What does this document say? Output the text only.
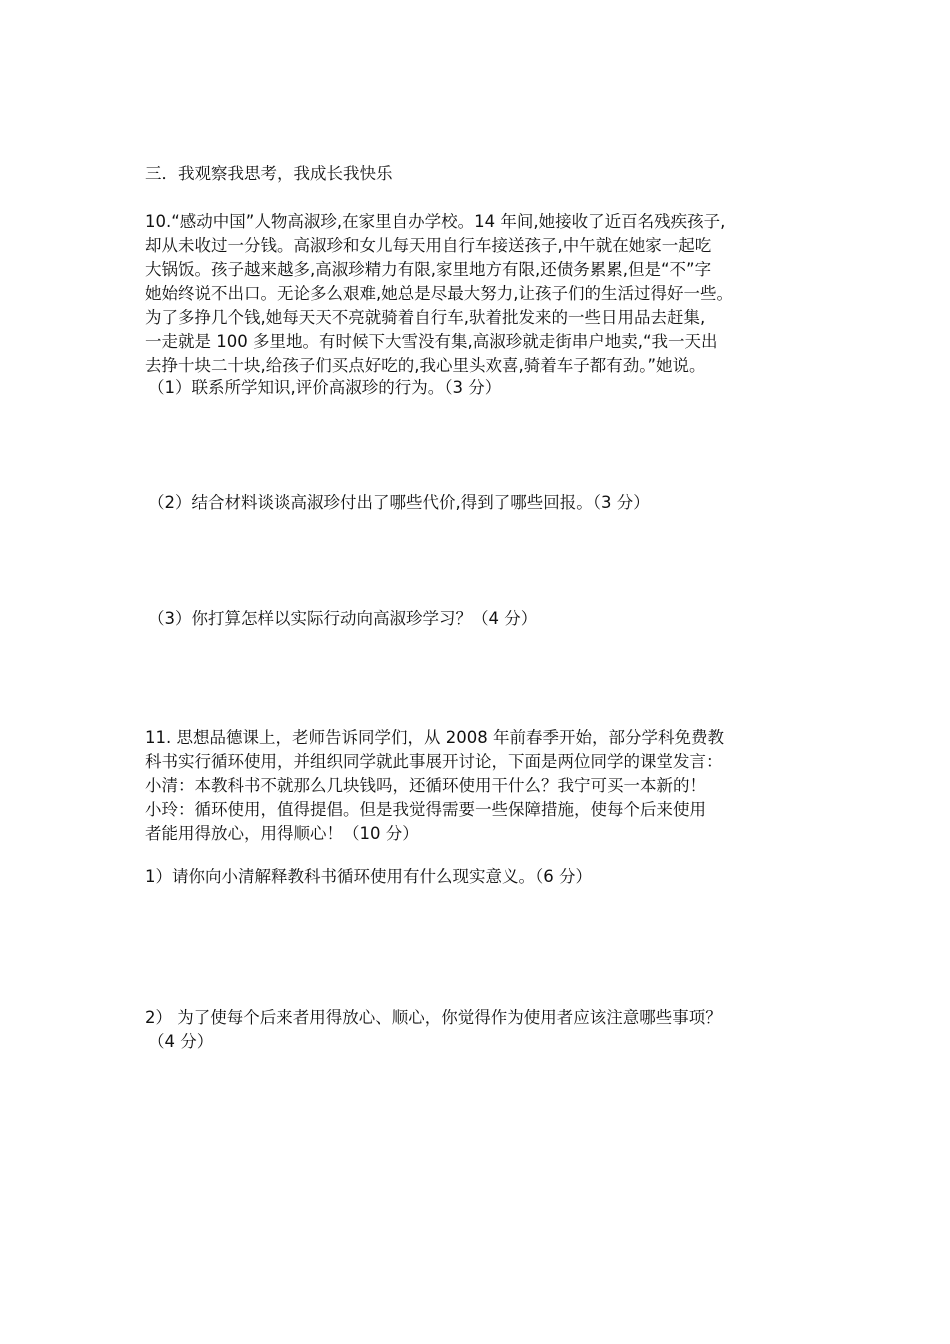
三．我观察我思考，我成长我快乐
10.“感动中国”人物高淑珍,在家里自办学校。14 年间,她接收了近百名残疾孩子,
却从未收过一分钱。高淑珍和女儿每天用自行车接送孩子,中午就在她家一起吃
大锅饭。孩子越来越多,高淑珍精力有限,家里地方有限,还债务累累,但是“不”字
她始终说不出口。无论多么艰难,她总是尽最大努力,让孩子们的生活过得好一些。
为了多挣几个钱,她每天天不亮就骑着自行车,驮着批发来的一些日用品去赶集,
一走就是 100 多里地。有时候下大雪没有集,高淑珍就走街串户地卖,“我一天出
去挣十块二十块,给孩子们买点好吃的,我心里头欢喜,骑着车子都有劲。”她说。
（1）联系所学知识,评价高淑珍的行为。（3 分）
（2）结合材料谈谈高淑珍付出了哪些代价,得到了哪些回报。（3 分）
（3）你打算怎样以实际行动向高淑珍学习？（4 分）
11. 思想品德课上，老师告诉同学们，从 2008 年前春季开始，部分学科免费教
科书实行循环使用，并组织同学就此事展开讨论，下面是两位同学的课堂发言：
小清：本教科书不就那么几块钱吗，还循环使用干什么？我宁可买一本新的！
小玲：循环使用，值得提倡。但是我觉得需要一些保障措施，使每个后来使用
者能用得放心，用得顺心！（10 分）
1）请你向小清解释教科书循环使用有什么现实意义。（6 分）
2） 为了使每个后来者用得放心、顺心，你觉得作为使用者应该注意哪些事项？
（4 分）
